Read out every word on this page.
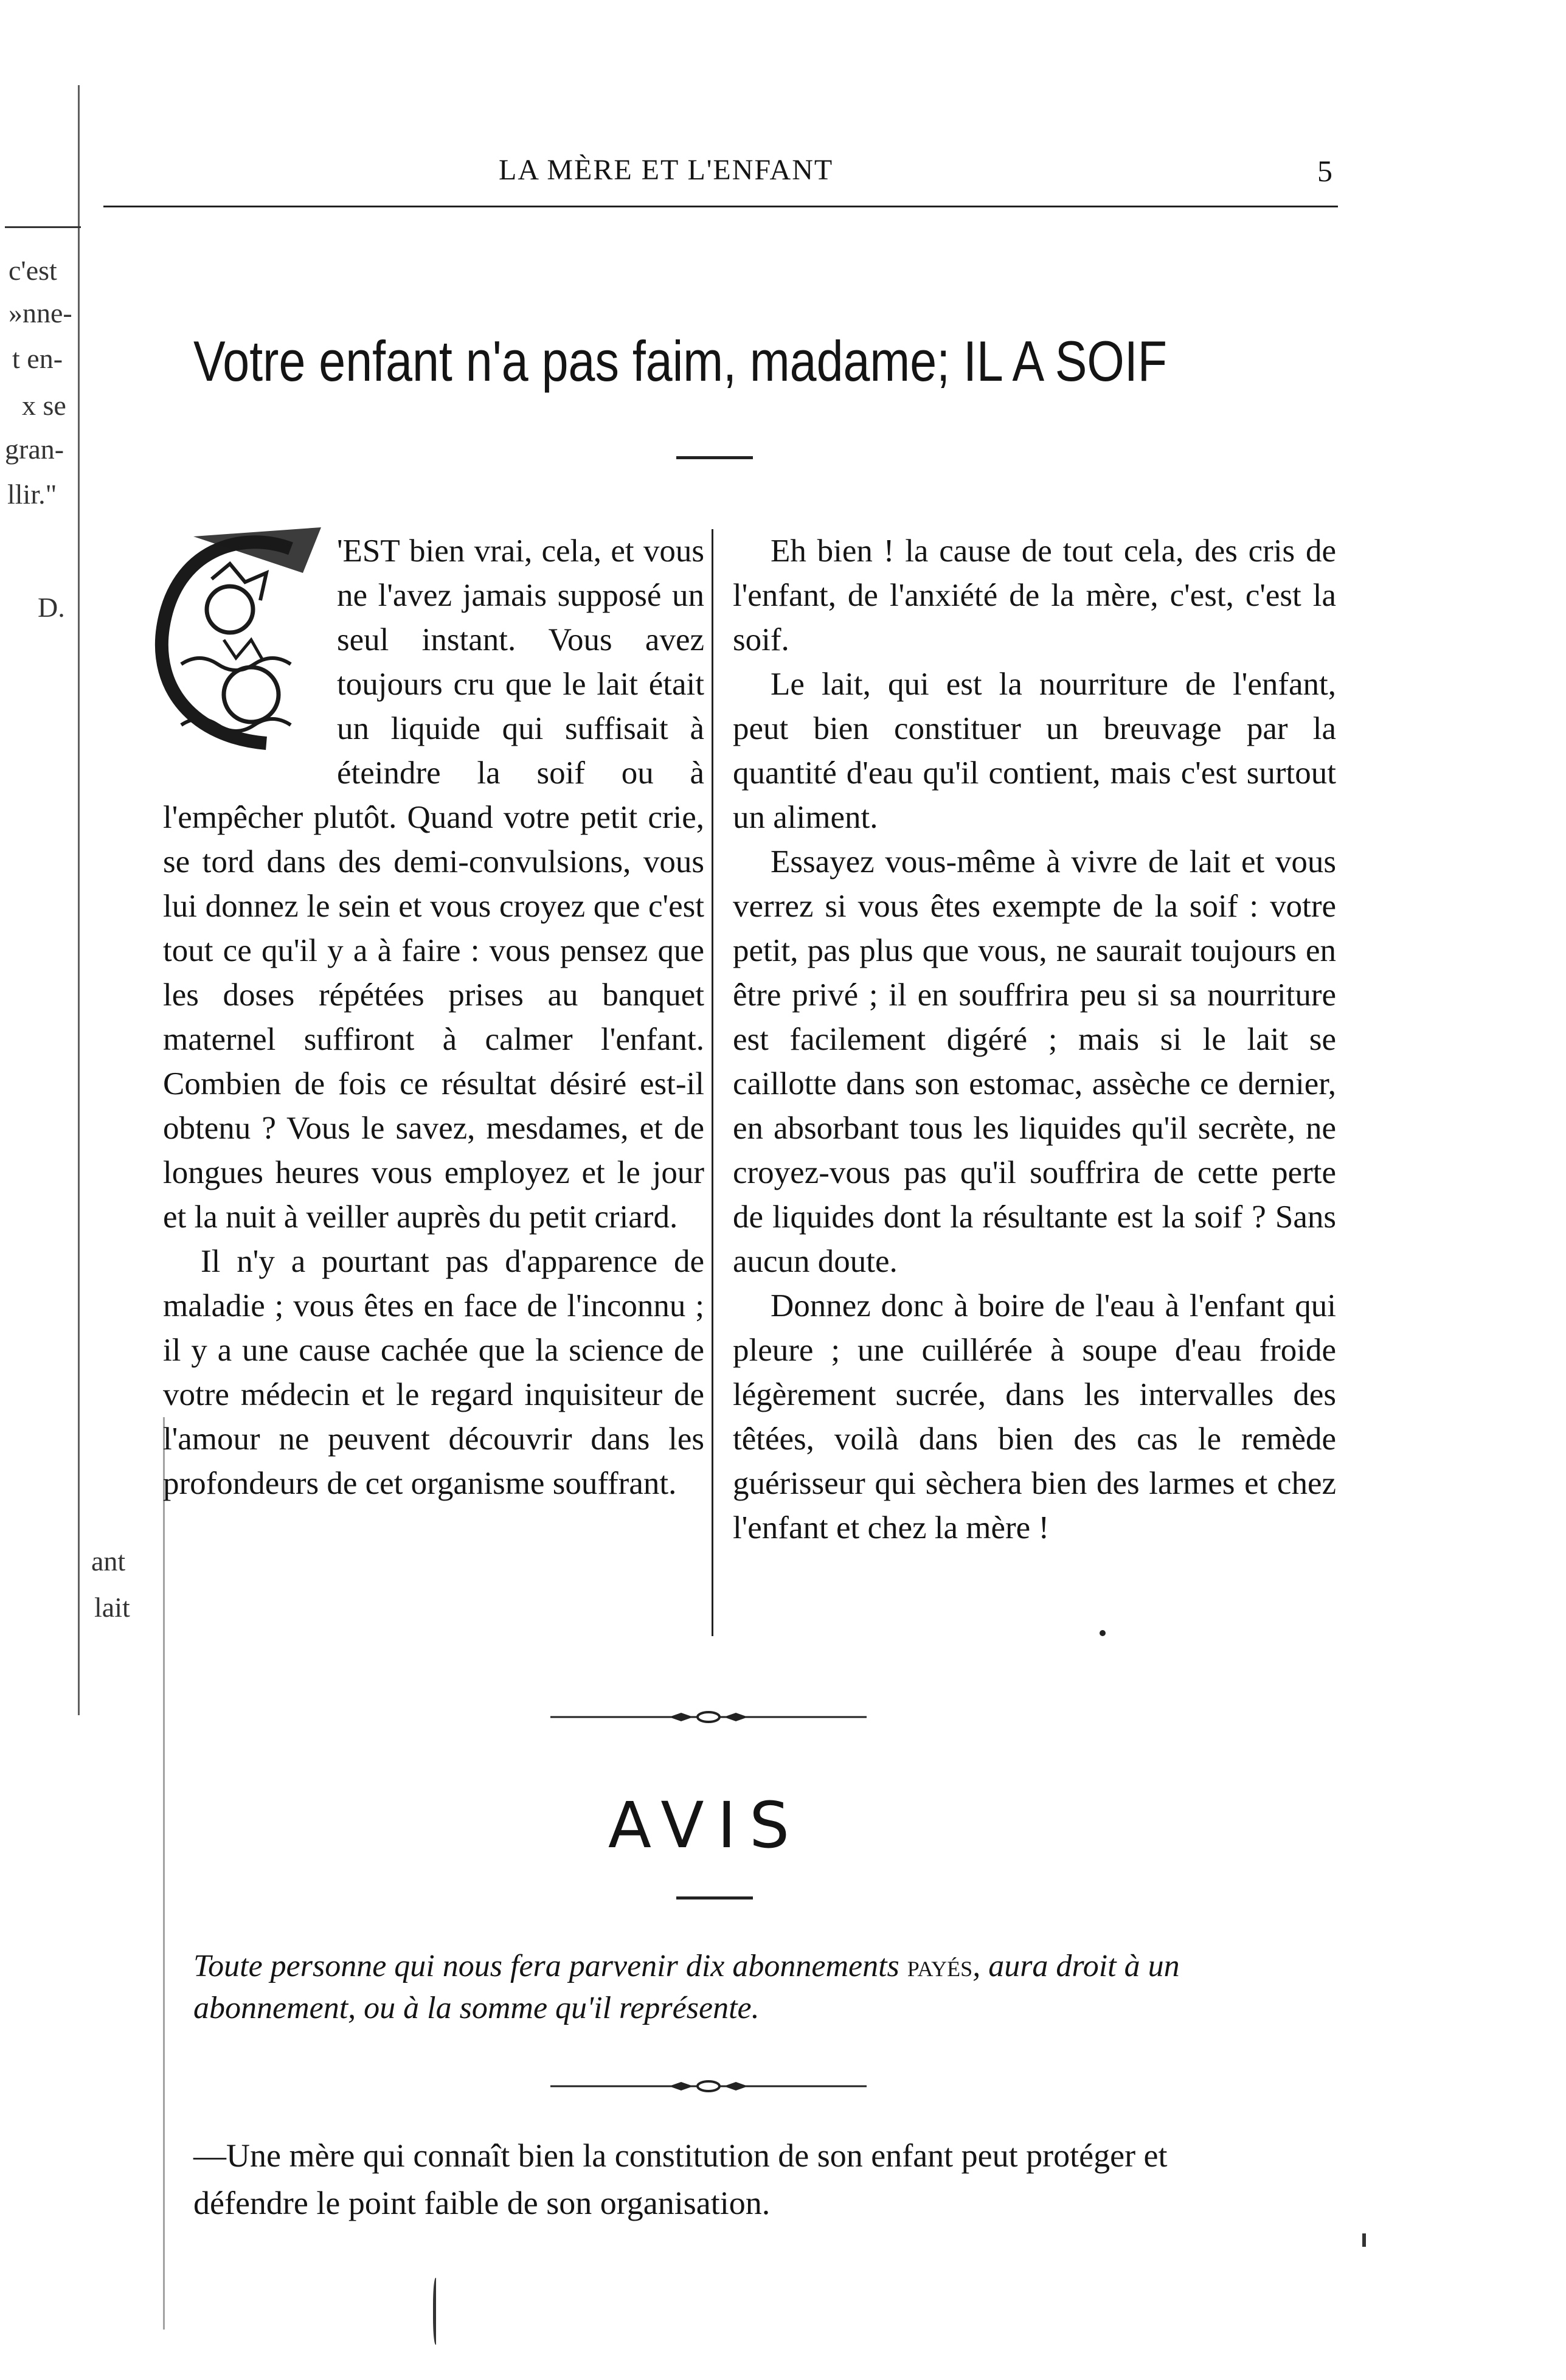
c'est
»nne-
t en-
x se
gran-
llir."
D.
ant
lait
LA MÈRE ET L'ENFANT	5
Votre enfant n'a pas faim, madame; IL A SOIF

'EST bien vrai, cela, et vous ne l'avez jamais supposé un seul instant. Vous avez toujours cru que le lait était un liquide qui suffisait à éteindre la soif ou à l'empêcher plutôt. Quand votre petit crie, se tord dans des demi-convulsions, vous lui donnez le sein et vous croyez que c'est tout ce qu'il y a à faire : vous pensez que les doses répétées prises au banquet maternel suffiront à calmer l'enfant. Combien de fois ce résultat désiré est-il obtenu ? Vous le savez, mesdames, et de longues heures vous employez et le jour et la nuit à veiller auprès du petit criard.

Il n'y a pourtant pas d'apparence de maladie ; vous êtes en face de l'inconnu ; il y a une cause cachée que la science de votre médecin et le regard inquisiteur de l'amour ne peuvent découvrir dans les profondeurs de cet organisme souffrant.

Eh bien ! la cause de tout cela, des cris de l'enfant, de l'anxiété de la mère, c'est, c'est la soif.

Le lait, qui est la nourriture de l'enfant, peut bien constituer un breuvage par la quantité d'eau qu'il contient, mais c'est surtout un aliment.

Essayez vous-même à vivre de lait et vous verrez si vous êtes exempte de la soif : votre petit, pas plus que vous, ne saurait toujours en être privé ; il en souffrira peu si sa nourriture est facilement digéré ; mais si le lait se caillotte dans son estomac, assèche ce dernier, en absorbant tous les liquides qu'il secrète, ne croyez-vous pas qu'il souffrira de cette perte de liquides dont la résultante est la soif ? Sans aucun doute.

Donnez donc à boire de l'eau à l'enfant qui pleure ; une cuillérée à soupe d'eau froide légèrement sucrée, dans les intervalles des têtées, voilà dans bien des cas le remède guérisseur qui sèchera bien des larmes et chez l'enfant et chez la mère !

AVIS
Toute personne qui nous fera parvenir dix abonnements payés, aura droit à un
abonnement, ou à la somme qu'il représente.
—Une mère qui connaît bien la constitution de son enfant peut protéger et
défendre le point faible de son organisation.
